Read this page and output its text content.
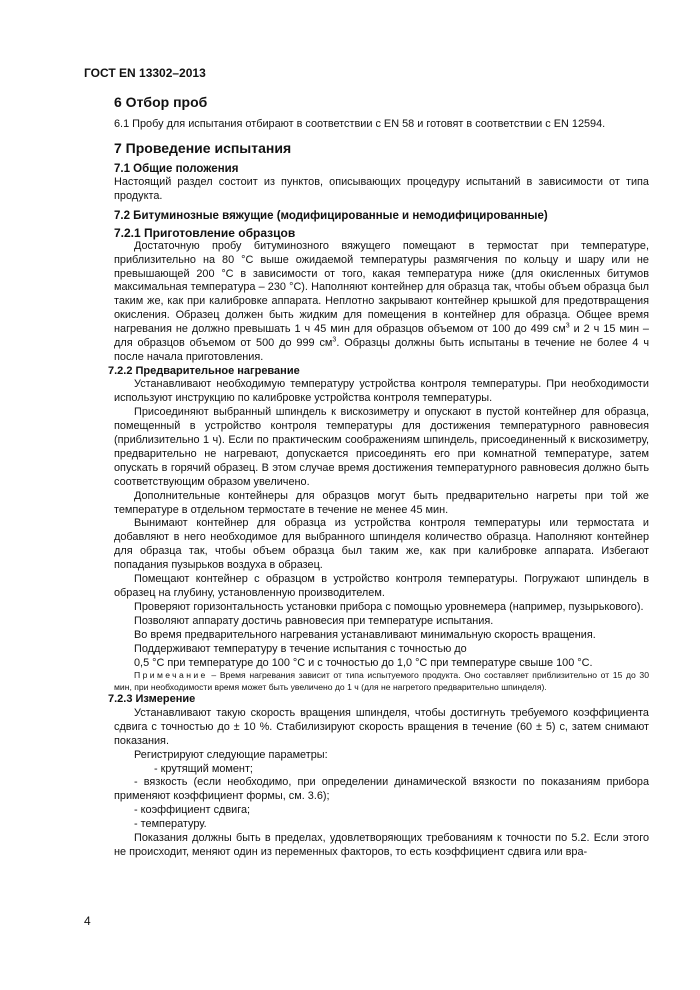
ГОСТ EN 13302–2013

6 Отбор проб

6.1 Пробу для испытания отбирают в соответствии с EN 58 и готовят в соответствии с EN 12594.

7 Проведение испытания

7.1 Общие положения

Настоящий раздел состоит из пунктов, описывающих процедуру испытаний в зависимости от типа продукта.

7.2 Битуминозные вяжущие (модифицированные и немодифицированные)

7.2.1 Приготовление образцов

Достаточную пробу битуминозного вяжущего помещают в термостат при температуре, приблизительно на 80 °С выше ожидаемой температуры размягчения по кольцу и шару или не превышающей 200 °С в зависимости от того, какая температура ниже (для окисленных битумов максимальная температура – 230 °С). Наполняют контейнер для образца так, чтобы объем образца был таким же, как при калибровке аппарата. Неплотно закрывают контейнер крышкой для предотвращения окисления. Образец должен быть жидким для помещения в контейнер для образца. Общее время нагревания не должно превышать 1 ч 45 мин для образцов объемом от 100 до 499 $см^3$ и 2 ч 15 мин – для образцов объемом от 500 до 999 $см^3$. Образцы должны быть испытаны в течение не более 4 ч после начала приготовления.

7.2.2 Предварительное нагревание

Устанавливают необходимую температуру устройства контроля температуры. При необходимости используют инструкцию по калибровке устройства контроля температуры.

Присоединяют выбранный шпиндель к вискозиметру и опускают в пустой контейнер для образца, помещенный в устройство контроля температуры для достижения температурного равновесия (приблизительно 1 ч). Если по практическим соображениям шпиндель, присоединенный к вискозиметру, предварительно не нагревают, допускается присоединять его при комнатной температуре, затем опускать в горячий образец. В этом случае время достижения температурного равновесия должно быть соответствующим образом увеличено.

Дополнительные контейнеры для образцов могут быть предварительно нагреты при той же температуре в отдельном термостате в течение не менее 45 мин.

Вынимают контейнер для образца из устройства контроля температуры или термостата и добавляют в него необходимое для выбранного шпинделя количество образца. Наполняют контейнер для образца так, чтобы объем образца был таким же, как при калибровке аппарата. Избегают попадания пузырьков воздуха в образец.

Помещают контейнер с образцом в устройство контроля температуры. Погружают шпиндель в образец на глубину, установленную производителем.

Проверяют горизонтальность установки прибора с помощью уровнемера (например, пузырькового).

Позволяют аппарату достичь равновесия при температуре испытания.

Во время предварительного нагревания устанавливают минимальную скорость вращения.

Поддерживают температуру в течение испытания с точностью до

0,5 °С при температуре до 100 °С и с точностью до 1,0 °С при температуре свыше 100 °С.

Примечание – Время нагревания зависит от типа испытуемого продукта. Оно составляет приблизительно от 15 до 30 мин, при необходимости время может быть увеличено до 1 ч (для не нагретого предварительно шпинделя).

7.2.3 Измерение

Устанавливают такую скорость вращения шпинделя, чтобы достигнуть требуемого коэффициента сдвига с точностью до ± 10 %. Стабилизируют скорость вращения в течение (60 ± 5) с, затем снимают показания.

Регистрируют следующие параметры:

- крутящий момент;

- вязкость (если необходимо, при определении динамической вязкости по показаниям прибора применяют коэффициент формы, см. 3.6);

- коэффициент сдвига;

- температуру.

Показания должны быть в пределах, удовлетворяющих требованиям к точности по 5.2. Если этого не происходит, меняют один из переменных факторов, то есть коэффициент сдвига или вра-

4
